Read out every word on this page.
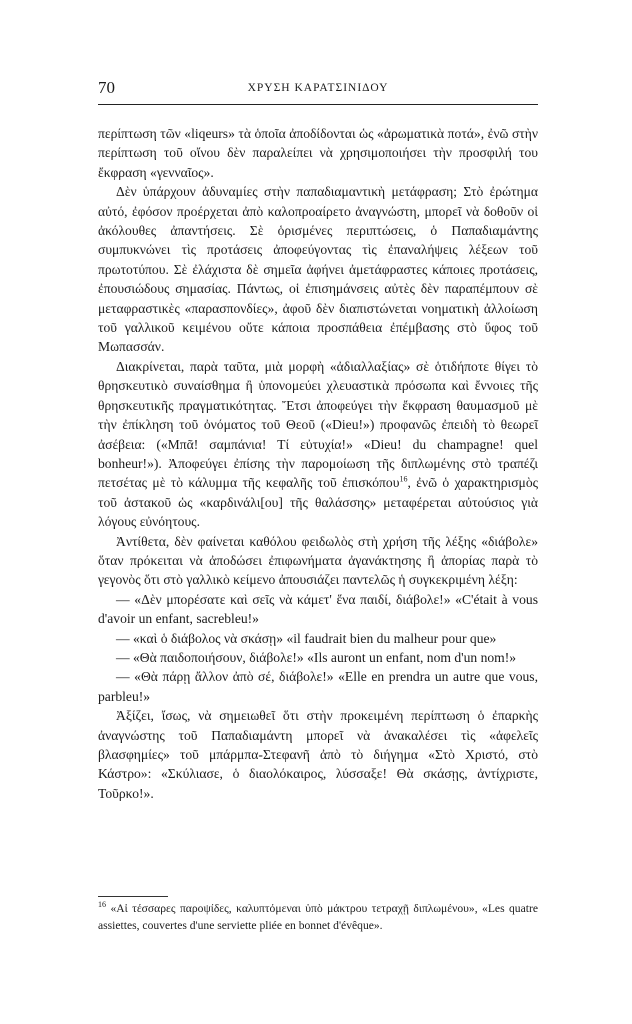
70	ΧΡΥΣΗ ΚΑΡΑΤΣΙΝΙΔΟΥ

περίπτωση τῶν «liqeurs» τὰ ὁποῖα ἀποδίδονται ὡς «ἀρωματικὰ ποτά», ἐνῶ στὴν περίπτωση τοῦ οἴνου δὲν παραλείπει νὰ χρησιμοποιήσει τὴν προσφιλή του ἔκφραση «γενναῖος».

Δὲν ὑπάρχουν ἀδυναμίες στὴν παπαδιαμαντικὴ μετάφραση; Στὸ ἐρώτημα αὐτό, ἐφόσον προέρχεται ἀπὸ καλοπροαίρετο ἀναγνώστη, μπορεῖ νὰ δοθοῦν οἱ ἀκόλουθες ἀπαντήσεις. Σὲ ὁρισμένες περιπτώσεις, ὁ Παπαδιαμάντης συμπυκνώνει τὶς προτάσεις ἀποφεύγοντας τὶς ἐπαναλήψεις λέξεων τοῦ πρωτοτύπου. Σὲ ἐλάχιστα δὲ σημεῖα ἀφήνει ἀμετάφραστες κάποιες προτάσεις, ἐπουσιώδους σημασίας. Πάντως, οἱ ἐπισημάνσεις αὐτὲς δὲν παραπέμπουν σὲ μεταφραστικὲς «παρασπονδίες», ἀφοῦ δὲν διαπιστώνεται νοηματικὴ ἀλλοίωση τοῦ γαλλικοῦ κειμένου οὔτε κάποια προσπάθεια ἐπέμβασης στὸ ὕφος τοῦ Μωπασσάν.

Διακρίνεται, παρὰ ταῦτα, μιὰ μορφὴ «ἀδιαλλαξίας» σὲ ὁτιδήποτε θίγει τὸ θρησκευτικὸ συναίσθημα ἢ ὑπονομεύει χλευαστικὰ πρόσωπα καὶ ἔννοιες τῆς θρησκευτικῆς πραγματικότητας. Ἔτσι ἀποφεύγει τὴν ἔκφραση θαυμασμοῦ μὲ τὴν ἐπίκληση τοῦ ὀνόματος τοῦ Θεοῦ («Dieu!») προφανῶς ἐπειδὴ τὸ θεωρεῖ ἀσέβεια: («Μπᾶ! σαμπάνια! Τί εὐτυχία!» «Dieu! du champagne! quel bonheur!»). Ἀποφεύγει ἐπίσης τὴν παρομοίωση τῆς διπλωμένης στὸ τραπέζι πετσέτας μὲ τὸ κάλυμμα τῆς κεφαλῆς τοῦ ἐπισκόπου$^{16}$, ἐνῶ ὁ χαρακτηρισμὸς τοῦ ἀστακοῦ ὡς «καρδινάλι[ου] τῆς θαλάσσης» μεταφέρεται αὐτούσιος γιὰ λόγους εὐνόητους.

Ἀντίθετα, δὲν φαίνεται καθόλου φειδωλὸς στὴ χρήση τῆς λέξης «διάβολε» ὅταν πρόκειται νὰ ἀποδώσει ἐπιφωνήματα ἀγανάκτησης ἢ ἀπορίας παρὰ τὸ γεγονὸς ὅτι στὸ γαλλικὸ κείμενο ἀπουσιάζει παντελῶς ἡ συγκεκριμένη λέξη:

— «Δὲν μπορέσατε καὶ σεῖς νὰ κάμετ' ἕνα παιδί, διάβολε!» «C'était à vous d'avoir un enfant, sacrebleu!»

— «καὶ ὁ διάβολος νὰ σκάσῃ» «il faudrait bien du malheur pour que»

— «Θὰ παιδοποιήσουν, διάβολε!» «Ils auront un enfant, nom d'un nom!»

— «Θὰ πάρῃ ἄλλον ἀπὸ σέ, διάβολε!» «Elle en prendra un autre que vous, parbleu!»

Ἀξίζει, ἴσως, νὰ σημειωθεῖ ὅτι στὴν προκειμένη περίπτωση ὁ ἐπαρκὴς ἀναγνώστης τοῦ Παπαδιαμάντη μπορεῖ νὰ ἀνακαλέσει τὶς «ἀφελεῖς βλασφημίες» τοῦ μπάρμπα-Στεφανῆ ἀπὸ τὸ διήγημα «Στὸ Χριστό, στὸ Κάστρο»: «Σκύλιασε, ὁ διαολόκαιρος, λύσσαξε! Θὰ σκάσῃς, ἀντίχριστε, Τοῦρκο!».

$^{16}$ «Αἱ τέσσαρες παροψίδες, καλυπτόμεναι ὑπὸ μάκτρου τετραχῇ διπλωμένου», «Les quatre assiettes, couvertes d'une serviette pliée en bonnet d'évêque».
